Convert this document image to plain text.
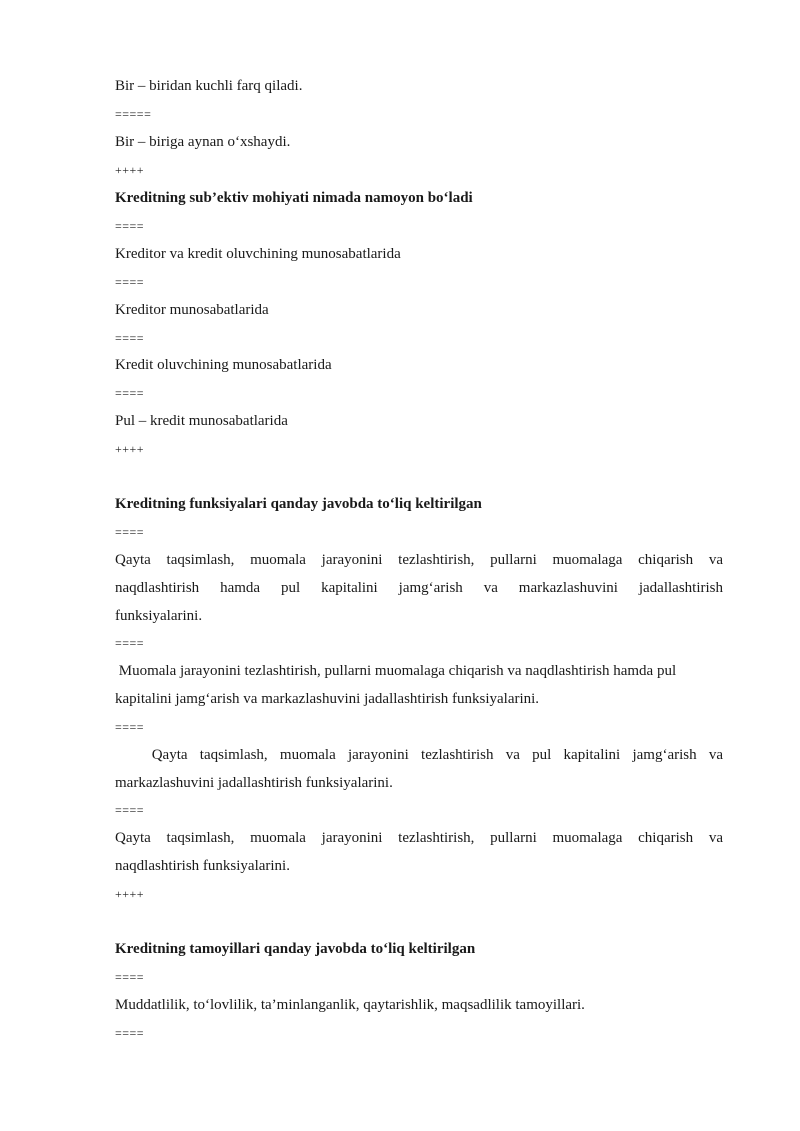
Bir – biridan kuchli farq qiladi.

=====

Bir – biriga aynan o‘xshaydi.

++++

Kreditning sub’ektiv mohiyati nimada namoyon bo‘ladi

====

Kreditor va kredit oluvchining munosabatlarida

====

Kreditor munosabatlarida

====

Kredit oluvchining munosabatlarida

====

Pul – kredit munosabatlarida

++++

Kreditning funksiyalari qanday javobda to‘liq keltirilgan

====

Qayta taqsimlash, muomala jarayonini tezlashtirish, pullarni muomalaga chiqarish va

naqdlashtirish hamda pul kapitalini jamg‘arish va markazlashuvini jadallashtirish

funksiyalarini.

====

Muomala jarayonini tezlashtirish, pullarni muomalaga chiqarish va naqdlashtirish hamda pul

kapitalini jamg‘arish va markazlashuvini jadallashtirish funksiyalarini.

====

Qayta taqsimlash, muomala jarayonini tezlashtirish va pul kapitalini jamg‘arish va

markazlashuvini jadallashtirish funksiyalarini.

====

Qayta taqsimlash, muomala jarayonini tezlashtirish, pullarni muomalaga chiqarish va

naqdlashtirish funksiyalarini.

++++

Kreditning tamoyillari qanday javobda to‘liq keltirilgan

====

Muddatlilik, to‘lovlilik, ta’minlanganlik, qaytarishlik, maqsadlilik tamoyillari.

====
